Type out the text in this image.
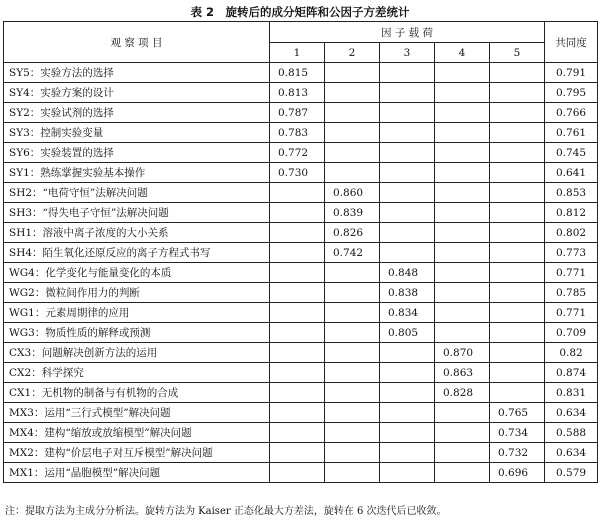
表 2　旋转后的成分矩阵和公因子方差统计
观 察 项 目	因 子 载 荷					共同度
	1	2	3	4	5	
SY5：实验方法的选择	0.815					0.791
SY4：实验方案的设计	0.813					0.795
SY2：实验试剂的选择	0.787					0.766
SY3：控制实验变量	0.783					0.761
SY6：实验装置的选择	0.772					0.745
SY1：熟练掌握实验基本操作	0.730					0.641
SH2：“电荷守恒”法解决问题		0.860				0.853
SH3：“得失电子守恒”法解决问题		0.839				0.812
SH1：溶液中离子浓度的大小关系		0.826				0.802
SH4：陌生氧化还原反应的离子方程式书写		0.742				0.773
WG4：化学变化与能量变化的本质			0.848			0.771
WG2：微粒间作用力的判断			0.838			0.785
WG1：元素周期律的应用			0.834			0.771
WG3：物质性质的解释或预测			0.805			0.709
CX3：问题解决创新方法的运用				0.870		0.82
CX2：科学探究				0.863		0.874
CX1：无机物的制备与有机物的合成				0.828		0.831
MX3：运用“三行式模型”解决问题					0.765	0.634
MX4：建构“缩放或放缩模型”解决问题					0.734	0.588
MX2：建构“价层电子对互斥模型”解决问题					0.732	0.634
MX1：运用“晶胞模型”解决问题					0.696	0.579
注：提取方法为主成分分析法。旋转方法为 Kaiser 正态化最大方差法，旋转在 6 次迭代后已收敛。
